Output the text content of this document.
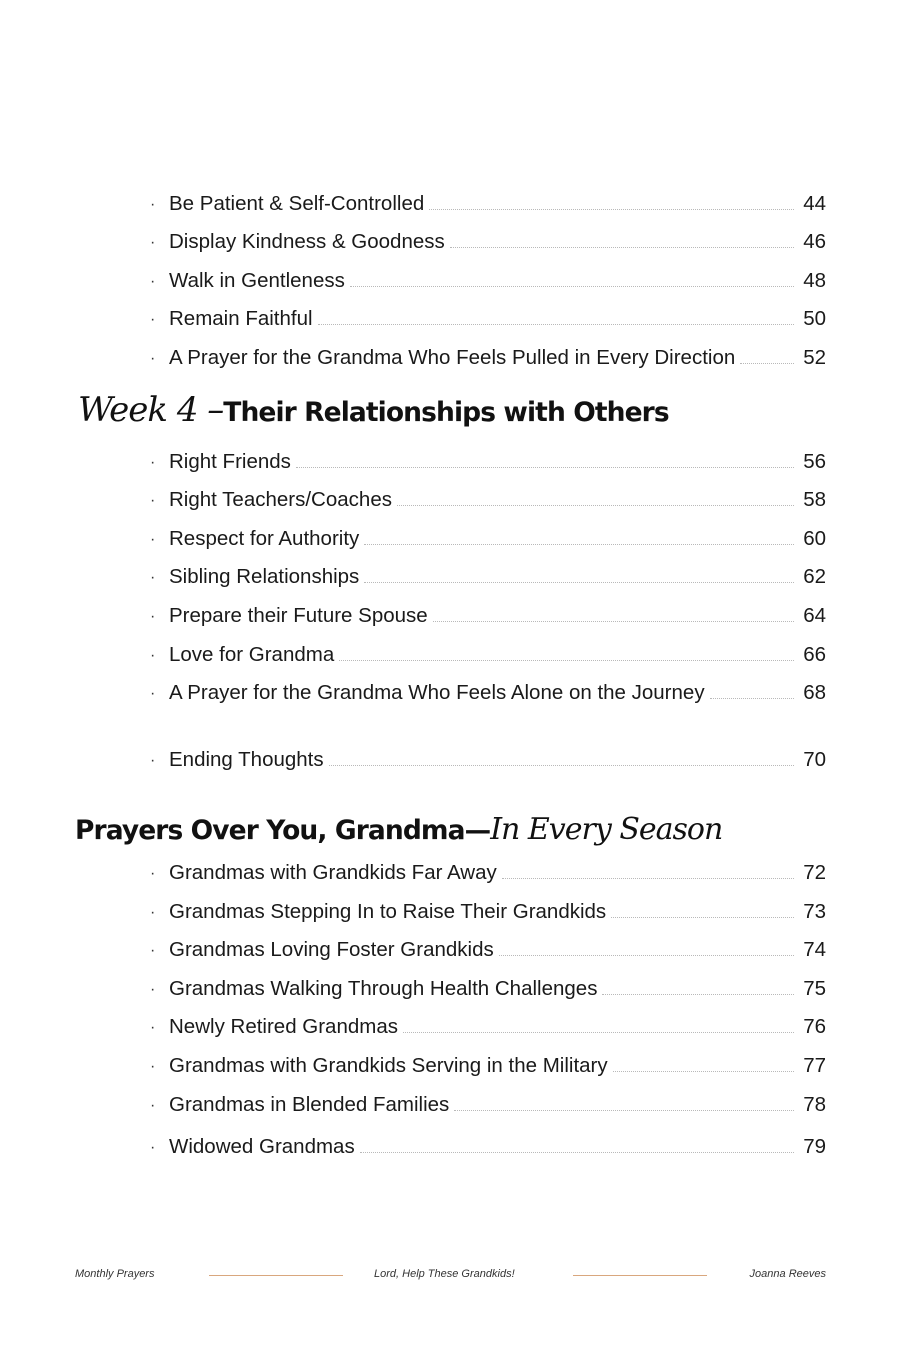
· Be Patient & Self-Controlled	44
· Display Kindness & Goodness	46
· Walk in Gentleness	48
· Remain Faithful	50
· A Prayer for the Grandma Who Feels Pulled in Every Direction	52
Week 4 –Their Relationships with Others
· Right Friends	56
· Right Teachers/Coaches	58
· Respect for Authority	60
· Sibling Relationships	62
· Prepare their Future Spouse	64
· Love for Grandma	66
· A Prayer for the Grandma Who Feels Alone on the Journey	68
· Ending Thoughts	70
Prayers Over You, Grandma—In Every Season
· Grandmas with Grandkids Far Away	72
· Grandmas Stepping In to Raise Their Grandkids	73
· Grandmas Loving Foster Grandkids	74
· Grandmas Walking Through Health Challenges	75
· Newly Retired Grandmas	76
· Grandmas with Grandkids Serving in the Military	77
· Grandmas in Blended Families	78
· Widowed Grandmas	79
Monthly Prayers	Lord, Help These Grandkids!	Joanna Reeves
